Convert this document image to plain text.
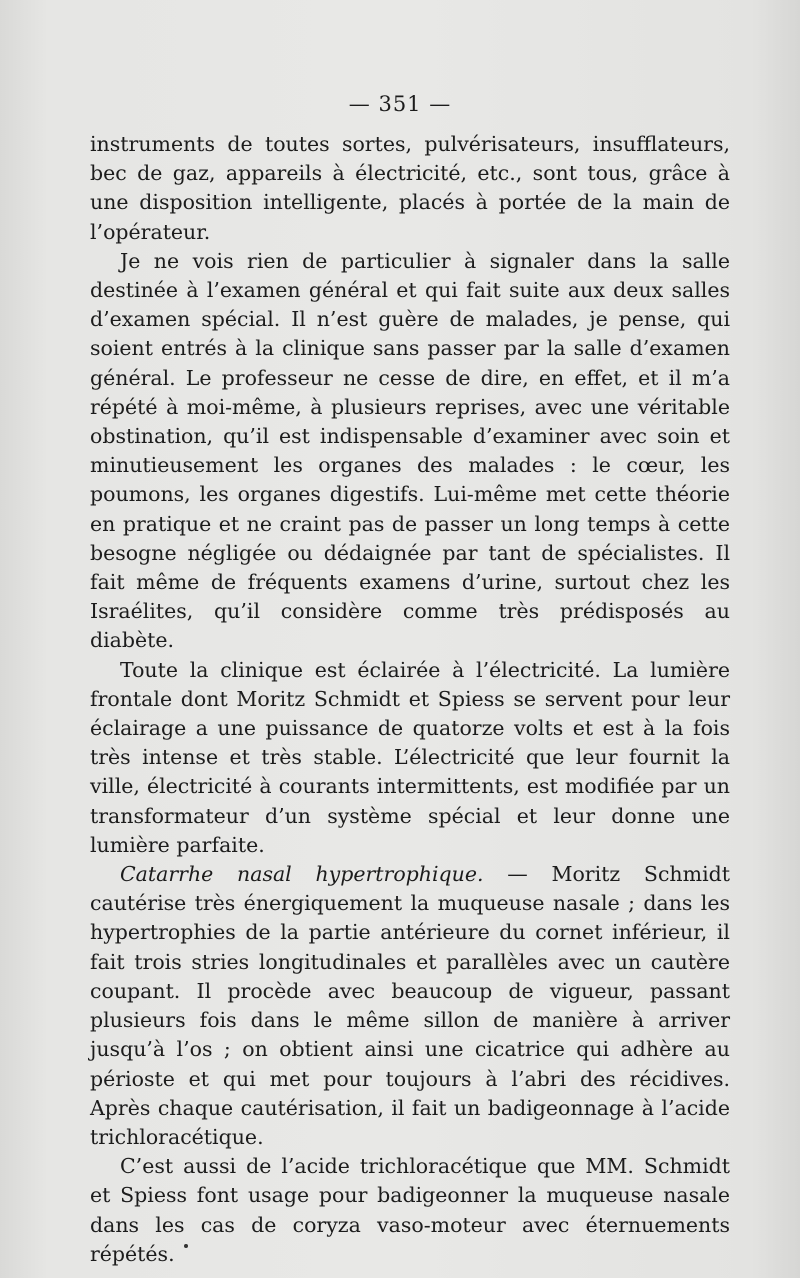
— 351 —

instruments de toutes sortes, pulvérisateurs, insufflateurs, bec de gaz, appareils à électricité, etc., sont tous, grâce à une disposition intelligente, placés à portée de la main de l’opérateur.

Je ne vois rien de particulier à signaler dans la salle destinée à l’examen général et qui fait suite aux deux salles d’examen spécial. Il n’est guère de malades, je pense, qui soient entrés à la clinique sans passer par la salle d’examen général. Le professeur ne cesse de dire, en effet, et il m’a répété à moi-même, à plusieurs reprises, avec une véritable obstination, qu’il est indispensable d’examiner avec soin et minutieusement les organes des malades : le cœur, les poumons, les organes digestifs. Lui-même met cette théorie en pratique et ne craint pas de passer un long temps à cette besogne négligée ou dédaignée par tant de spécialistes. Il fait même de fréquents examens d’urine, surtout chez les Israélites, qu’il considère comme très prédisposés au diabète.

Toute la clinique est éclairée à l’électricité. La lumière frontale dont Moritz Schmidt et Spiess se servent pour leur éclairage a une puissance de quatorze volts et est à la fois très intense et très stable. L’électricité que leur fournit la ville, électricité à courants intermittents, est modifiée par un transformateur d’un système spécial et leur donne une lumière parfaite.

Catarrhe nasal hypertrophique. — Moritz Schmidt cautérise très énergiquement la muqueuse nasale ; dans les hypertrophies de la partie antérieure du cornet inférieur, il fait trois stries longitudinales et parallèles avec un cautère coupant. Il procède avec beaucoup de vigueur, passant plusieurs fois dans le même sillon de manière à arriver jusqu’à l’os ; on obtient ainsi une cicatrice qui adhère au périoste et qui met pour toujours à l’abri des récidives. Après chaque cautérisation, il fait un badigeonnage à l’acide trichloracétique.

C’est aussi de l’acide trichloracétique que MM. Schmidt et Spiess font usage pour badigeonner la muqueuse nasale dans les cas de coryza vaso-moteur avec éternuements répétés.
